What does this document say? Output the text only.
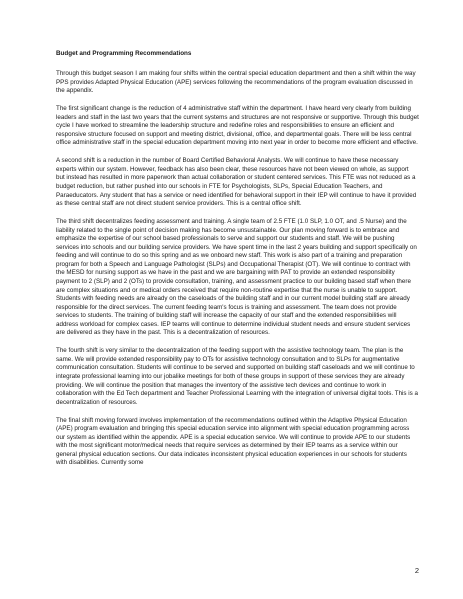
Budget and Programming Recommendations

Through this budget season I am making four shifts within the central special education department and then a shift within the way PPS provides Adapted Physical Education (APE) services following the recommendations of the program evaluation discussed in the appendix.

The first significant change is the reduction of 4 administrative staff within the department. I have heard very clearly from building leaders and staff in the last two years that the current systems and structures are not responsive or supportive. Through this budget cycle I have worked to streamline the leadership structure and redefine roles and responsibilities to ensure an efficient and responsive structure focused on support and meeting district, divisional, office, and departmental goals. There will be less central office administrative staff in the special education department moving into next year in order to become more efficient and effective.

A second shift is a reduction in the number of Board Certified Behavioral Analysts. We will continue to have these necessary experts within our system. However, feedback has also been clear, these resources have not been viewed on whole, as support but instead has resulted in more paperwork than actual collaboration or student centered services. This FTE was not reduced as a budget reduction, but rather pushed into our schools in FTE for Psychologists, SLPs, Special Education Teachers, and Paraeducators. Any student that has a service or need identified for behavioral support in their IEP will continue to have it provided as these central staff are not direct student service providers. This is a central office shift.

The third shift decentralizes feeding assessment and training. A single team of 2.5 FTE (1.0 SLP, 1.0 OT, and .5 Nurse) and the liability related to the single point of decision making has become unsustainable. Our plan moving forward is to embrace and emphasize the expertise of our school based professionals to serve and support our students and staff. We will be pushing services into schools and our building service providers. We have spent time in the last 2 years building and support specifically on feeding and will continue to do so this spring and as we onboard new staff. This work is also part of a training and preparation program for both a Speech and Language Pathologist (SLPs) and Occupational Therapist (OT). We will continue to contract with the MESD for nursing support as we have in the past and we are bargaining with PAT to provide an extended responsibility payment to 2 (SLP) and 2 (OTs) to provide consultation, training, and assessment practice to our building based staff when there are complex situations and or medical orders received that require non-routine expertise that the nurse is unable to support. Students with feeding needs are already on the caseloads of the building staff and in our current model building staff are already responsible for the direct services. The current feeding team's focus is training and assessment. The team does not provide services to students. The training of building staff will increase the capacity of our staff and the extended responsibilities will address workload for complex cases. IEP teams will continue to determine individual student needs and ensure student services are delivered as they have in the past. This is a decentralization of resources.

The fourth shift is very similar to the decentralization of the feeding support with the assistive technology team. The plan is the same. We will provide extended responsibility pay to OTs for assistive technology consultation and to SLPs for augmentative communication consultation. Students will continue to be served and supported on building staff caseloads and we will continue to integrate professional learning into our jobalike meetings for both of these groups in support of these services they are already providing. We will continue the position that manages the inventory of the assistive tech devices and continue to work in collaboration with the Ed Tech department and Teacher Professional Learning with the integration of universal digital tools. This is a decentralization of resources.

The final shift moving forward involves implementation of the recommendations outlined within the Adaptive Physical Education (APE) program evaluation and bringing this special education service into alignment with special education programming across our system as identified within the appendix. APE is a special education service. We will continue to provide APE to our students with the most significant motor/medical needs that require services as determined by their IEP teams as a service within our general physical education sections. Our data indicates inconsistent physical education experiences in our schools for students with disabilities. Currently some

2
